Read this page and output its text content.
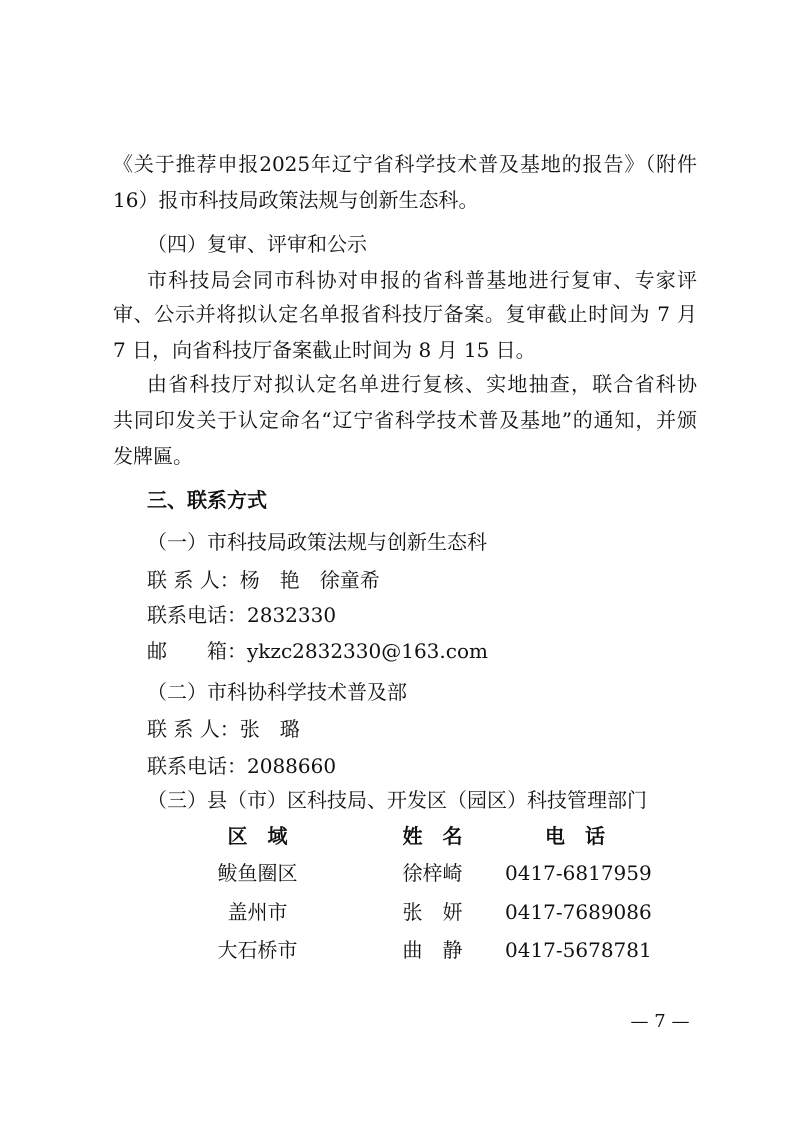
《关于推荐申报2025年辽宁省科学技术普及基地的报告》（附件
16）报市科技局政策法规与创新生态科。
（四）复审、评审和公示
市科技局会同市科协对申报的省科普基地进行复审、专家评
审、公示并将拟认定名单报省科技厅备案。复审截止时间为 7 月
7 日，向省科技厅备案截止时间为 8 月 15 日。
由省科技厅对拟认定名单进行复核、实地抽查，联合省科协
共同印发关于认定命名“辽宁省科学技术普及基地”的通知，并颁
发牌匾。
三、联系方式
（一）市科技局政策法规与创新生态科
联 系 人：杨　艳　徐童希
联系电话：2832330
邮　　箱：ykzc2832330@163.com
（二）市科协科学技术普及部
联 系 人：张　璐
联系电话：2088660
（三）县（市）区科技局、开发区（园区）科技管理部门
区　域	姓　名	电　话
鲅鱼圈区	徐梓崎	0417-6817959
盖州市	张　妍	0417-7689086
大石桥市	曲　静	0417-5678781
— 7 —
